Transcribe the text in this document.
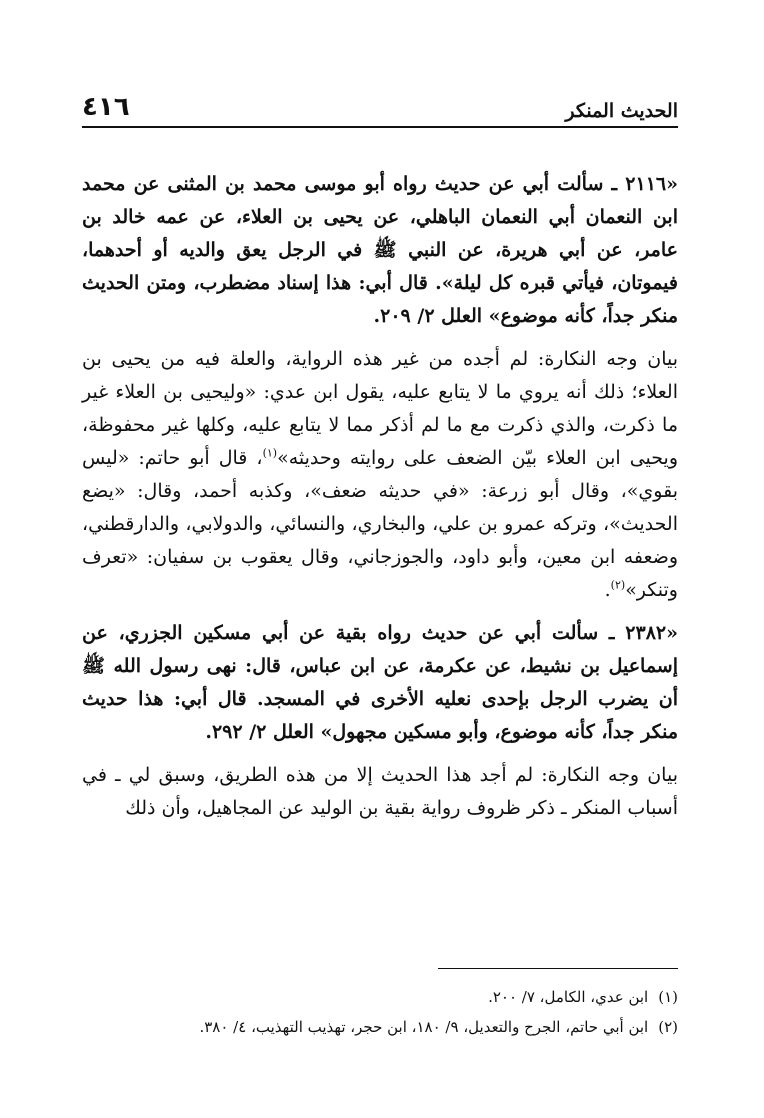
الحديث المنكر
٤١٦

«٢١١٦ ـ سألت أبي عن حديث رواه أبو موسى محمد بن المثنى عن محمد ابن النعمان أبي النعمان الباهلي، عن يحيى بن العلاء، عن عمه خالد بن عامر، عن أبي هريرة، عن النبي ﷺ في الرجل يعق والديه أو أحدهما، فيموتان، فيأتي قبره كل ليلة». قال أبي: هذا إسناد مضطرب، ومتن الحديث منكر جداً، كأنه موضوع» العلل ٢/ ٢٠٩.

بيان وجه النكارة: لم أجده من غير هذه الرواية، والعلة فيه من يحيى بن العلاء؛ ذلك أنه يروي ما لا يتابع عليه، يقول ابن عدي: «وليحيى بن العلاء غير ما ذكرت، والذي ذكرت مع ما لم أذكر مما لا يتابع عليه، وكلها غير محفوظة، ويحيى ابن العلاء بيّن الضعف على روايته وحديثه»$^{(١)}$، قال أبو حاتم: «ليس بقوي»، وقال أبو زرعة: «في حديثه ضعف»، وكذبه أحمد، وقال: «يضع الحديث»، وتركه عمرو بن علي، والبخاري، والنسائي، والدولابي، والدارقطني، وضعفه ابن معين، وأبو داود، والجوزجاني، وقال يعقوب بن سفيان: «تعرف وتنكر»$^{(٢)}$.

«٢٣٨٢ ـ سألت أبي عن حديث رواه بقية عن أبي مسكين الجزري، عن إسماعيل بن نشيط، عن عكرمة، عن ابن عباس، قال: نهى رسول الله ﷺ أن يضرب الرجل بإحدى نعليه الأخرى في المسجد. قال أبي: هذا حديث منكر جداً، كأنه موضوع، وأبو مسكين مجهول» العلل ٢/ ٢٩٢.

بيان وجه النكارة: لم أجد هذا الحديث إلا من هذه الطريق، وسبق لي ـ في أسباب المنكر ـ ذكر ظروف رواية بقية بن الوليد عن المجاهيل، وأن ذلك

(١)ابن عدي، الكامل، ٧/ ٢٠٠.

(٢)ابن أبي حاتم، الجرح والتعديل، ٩/ ١٨٠، ابن حجر، تهذيب التهذيب، ٤/ ٣٨٠.
